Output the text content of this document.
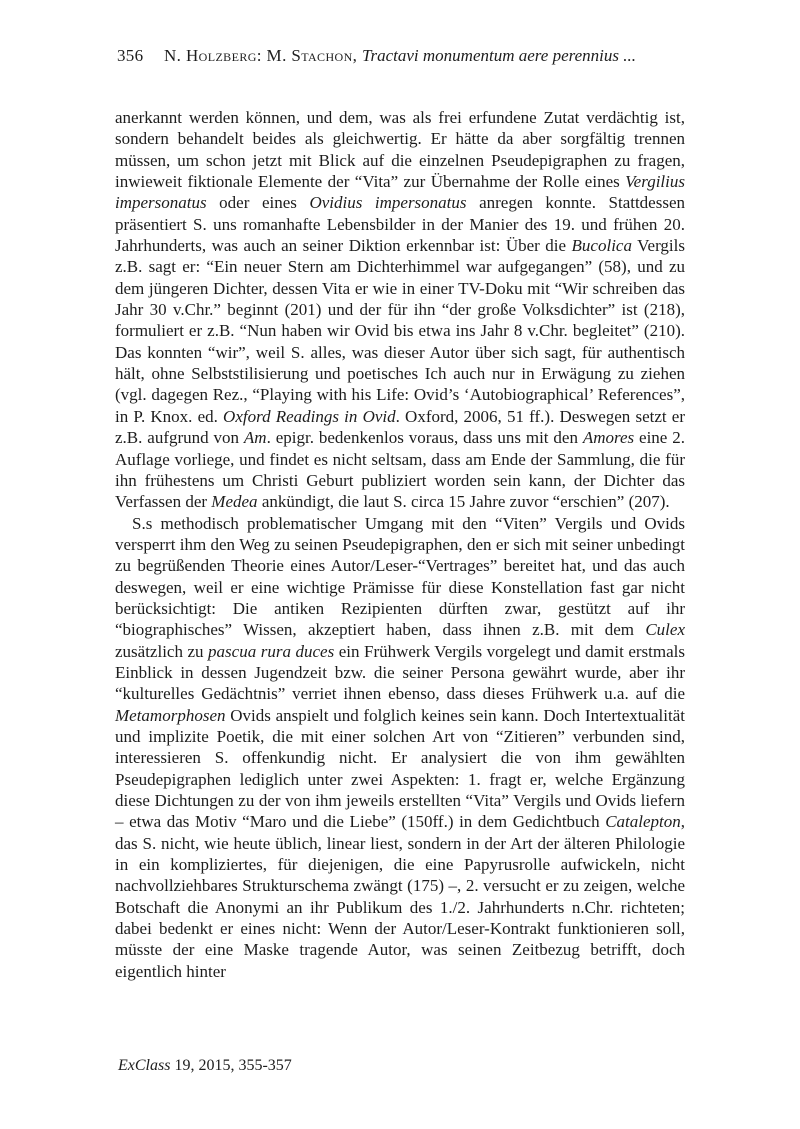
356 N. Holzberg: M. Stachon, Tractavi monumentum aere perennius ...

anerkannt werden können, und dem, was als frei erfundene Zutat verdächtig ist, sondern behandelt beides als gleichwertig. Er hätte da aber sorgfältig trennen müssen, um schon jetzt mit Blick auf die einzelnen Pseudepigraphen zu fragen, inwieweit fiktionale Elemente der “Vita” zur Übernahme der Rolle eines Vergilius impersonatus oder eines Ovidius impersonatus anregen konnte. Stattdessen präsentiert S. uns romanhafte Lebensbilder in der Manier des 19. und frühen 20. Jahrhunderts, was auch an seiner Diktion erkennbar ist: Über die Bucolica Vergils z.B. sagt er: “Ein neuer Stern am Dichterhimmel war aufgegangen” (58), und zu dem jüngeren Dichter, dessen Vita er wie in einer TV-Doku mit “Wir schreiben das Jahr 30 v.Chr.” beginnt (201) und der für ihn “der große Volksdichter” ist (218), formuliert er z.B. “Nun haben wir Ovid bis etwa ins Jahr 8 v.Chr. begleitet” (210). Das konnten “wir”, weil S. alles, was dieser Autor über sich sagt, für authentisch hält, ohne Selbststilisierung und poetisches Ich auch nur in Erwägung zu ziehen (vgl. dagegen Rez., “Playing with his Life: Ovid’s ‘Autobiographical’ References”, in P. Knox. ed. Oxford Readings in Ovid. Oxford, 2006, 51 ff.). Deswegen setzt er z.B. aufgrund von Am. epigr. bedenkenlos voraus, dass uns mit den Amores eine 2. Auflage vorliege, und findet es nicht seltsam, dass am Ende der Sammlung, die für ihn frühestens um Christi Geburt publiziert worden sein kann, der Dichter das Verfassen der Medea ankündigt, die laut S. circa 15 Jahre zuvor “erschien” (207).

S.s methodisch problematischer Umgang mit den “Viten” Vergils und Ovids versperrt ihm den Weg zu seinen Pseudepigraphen, den er sich mit seiner unbedingt zu begrüßenden Theorie eines Autor/Leser-“Vertrages” bereitet hat, und das auch deswegen, weil er eine wichtige Prämisse für diese Konstellation fast gar nicht berücksichtigt: Die antiken Rezipienten dürften zwar, gestützt auf ihr “biographisches” Wissen, akzeptiert haben, dass ihnen z.B. mit dem Culex zusätzlich zu pascua rura duces ein Frühwerk Vergils vorgelegt und damit erstmals Einblick in dessen Jugendzeit bzw. die seiner Persona gewährt wurde, aber ihr “kulturelles Gedächtnis” verriet ihnen ebenso, dass dieses Frühwerk u.a. auf die Metamorphosen Ovids anspielt und folglich keines sein kann. Doch Intertextualität und implizite Poetik, die mit einer solchen Art von “Zitieren” verbunden sind, interessieren S. offenkundig nicht. Er analysiert die von ihm gewählten Pseudepigraphen lediglich unter zwei Aspekten: 1. fragt er, welche Ergänzung diese Dichtungen zu der von ihm jeweils erstellten “Vita” Vergils und Ovids liefern – etwa das Motiv “Maro und die Liebe” (150ff.) in dem Gedichtbuch Catalepton, das S. nicht, wie heute üblich, linear liest, sondern in der Art der älteren Philologie in ein kompliziertes, für diejenigen, die eine Papyrusrolle aufwickeln, nicht nachvollziehbares Strukturschema zwängt (175) –, 2. versucht er zu zeigen, welche Botschaft die Anonymi an ihr Publikum des 1./2. Jahrhunderts n.Chr. richteten; dabei bedenkt er eines nicht: Wenn der Autor/Leser-Kontrakt funktionieren soll, müsste der eine Maske tragende Autor, was seinen Zeitbezug betrifft, doch eigentlich hinter

ExClass 19, 2015, 355-357
